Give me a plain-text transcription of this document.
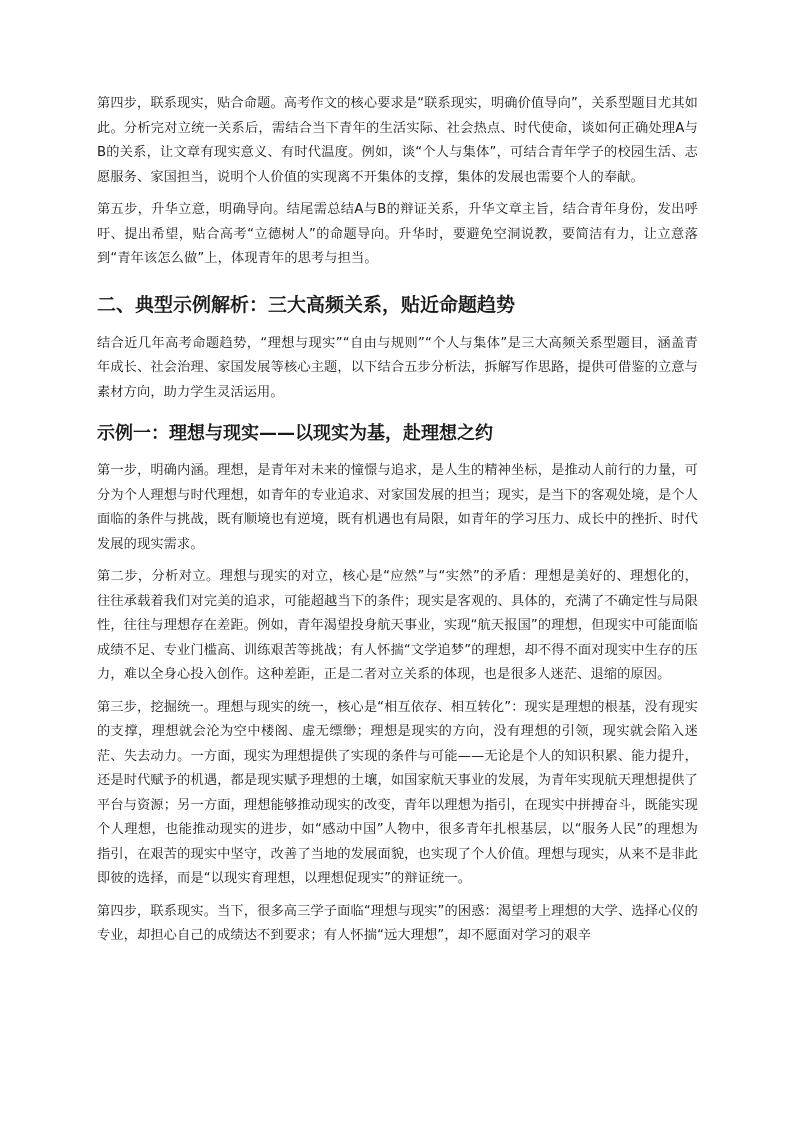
第四步，联系现实，贴合命题。高考作文的核心要求是“联系现实，明确价值导向”，关系型题目尤其如此。分析完对立统一关系后，需结合当下青年的生活实际、社会热点、时代使命，谈如何正确处理A与B的关系，让文章有现实意义、有时代温度。例如，谈“个人与集体”，可结合青年学子的校园生活、志愿服务、家国担当，说明个人价值的实现离不开集体的支撑，集体的发展也需要个人的奉献。

第五步，升华立意，明确导向。结尾需总结A与B的辩证关系，升华文章主旨，结合青年身份，发出呼吁、提出希望，贴合高考“立德树人”的命题导向。升华时，要避免空洞说教，要简洁有力，让立意落到“青年该怎么做”上，体现青年的思考与担当。

二、典型示例解析：三大高频关系，贴近命题趋势

结合近几年高考命题趋势，“理想与现实”“自由与规则”“个人与集体”是三大高频关系型题目，涵盖青年成长、社会治理、家国发展等核心主题，以下结合五步分析法，拆解写作思路，提供可借鉴的立意与素材方向，助力学生灵活运用。

示例一：理想与现实——以现实为基，赴理想之约

第一步，明确内涵。理想，是青年对未来的憧憬与追求，是人生的精神坐标，是推动人前行的力量，可分为个人理想与时代理想，如青年的专业追求、对家国发展的担当；现实，是当下的客观处境，是个人面临的条件与挑战，既有顺境也有逆境，既有机遇也有局限，如青年的学习压力、成长中的挫折、时代发展的现实需求。

第二步，分析对立。理想与现实的对立，核心是“应然”与“实然”的矛盾：理想是美好的、理想化的，往往承载着我们对完美的追求，可能超越当下的条件；现实是客观的、具体的，充满了不确定性与局限性，往往与理想存在差距。例如，青年渴望投身航天事业，实现“航天报国”的理想，但现实中可能面临成绩不足、专业门槛高、训练艰苦等挑战；有人怀揣“文学追梦”的理想，却不得不面对现实中生存的压力，难以全身心投入创作。这种差距，正是二者对立关系的体现，也是很多人迷茫、退缩的原因。

第三步，挖掘统一。理想与现实的统一，核心是“相互依存、相互转化”：现实是理想的根基，没有现实的支撑，理想就会沦为空中楼阁、虚无缥缈；理想是现实的方向，没有理想的引领，现实就会陷入迷茫、失去动力。一方面，现实为理想提供了实现的条件与可能——无论是个人的知识积累、能力提升，还是时代赋予的机遇，都是现实赋予理想的土壤，如国家航天事业的发展，为青年实现航天理想提供了平台与资源；另一方面，理想能够推动现实的改变，青年以理想为指引，在现实中拼搏奋斗，既能实现个人理想，也能推动现实的进步，如“感动中国”人物中，很多青年扎根基层，以“服务人民”的理想为指引，在艰苦的现实中坚守，改善了当地的发展面貌，也实现了个人价值。理想与现实，从来不是非此即彼的选择，而是“以现实育理想，以理想促现实”的辩证统一。

第四步，联系现实。当下，很多高三学子面临“理想与现实”的困惑：渴望考上理想的大学、选择心仪的专业，却担心自己的成绩达不到要求；有人怀揣“远大理想”，却不愿面对学习的艰辛
